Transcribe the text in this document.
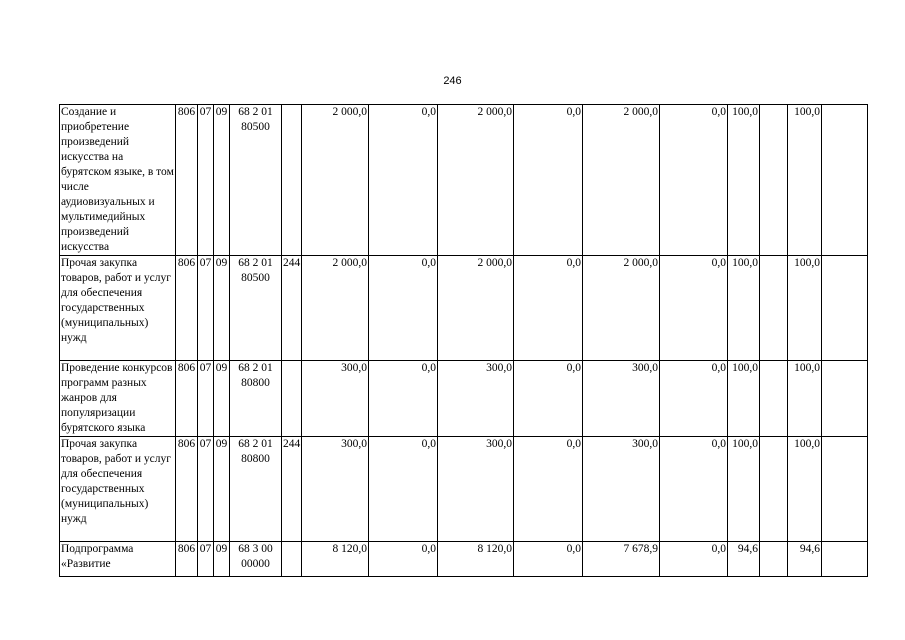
246
Создание и приобретение произведений искусства на бурятском языке, в том числе аудиовизуальных и мультимедийных произведений искусства	806	07	09	68 2 01 80500		2 000,0	0,0	2 000,0	0,0	2 000,0	0,0	100,0		100,0	
Прочая закупка товаров, работ и услуг для обеспечения государственных (муниципальных) нужд	806	07	09	68 2 01 80500	244	2 000,0	0,0	2 000,0	0,0	2 000,0	0,0	100,0		100,0	
Проведение конкурсов программ разных жанров для популяризации бурятского языка	806	07	09	68 2 01 80800		300,0	0,0	300,0	0,0	300,0	0,0	100,0		100,0	
Прочая закупка товаров, работ и услуг для обеспечения государственных (муниципальных) нужд	806	07	09	68 2 01 80800	244	300,0	0,0	300,0	0,0	300,0	0,0	100,0		100,0	
Подпрограмма «Развитие	806	07	09	68 3 00 00000		8 120,0	0,0	8 120,0	0,0	7 678,9	0,0	94,6		94,6	
